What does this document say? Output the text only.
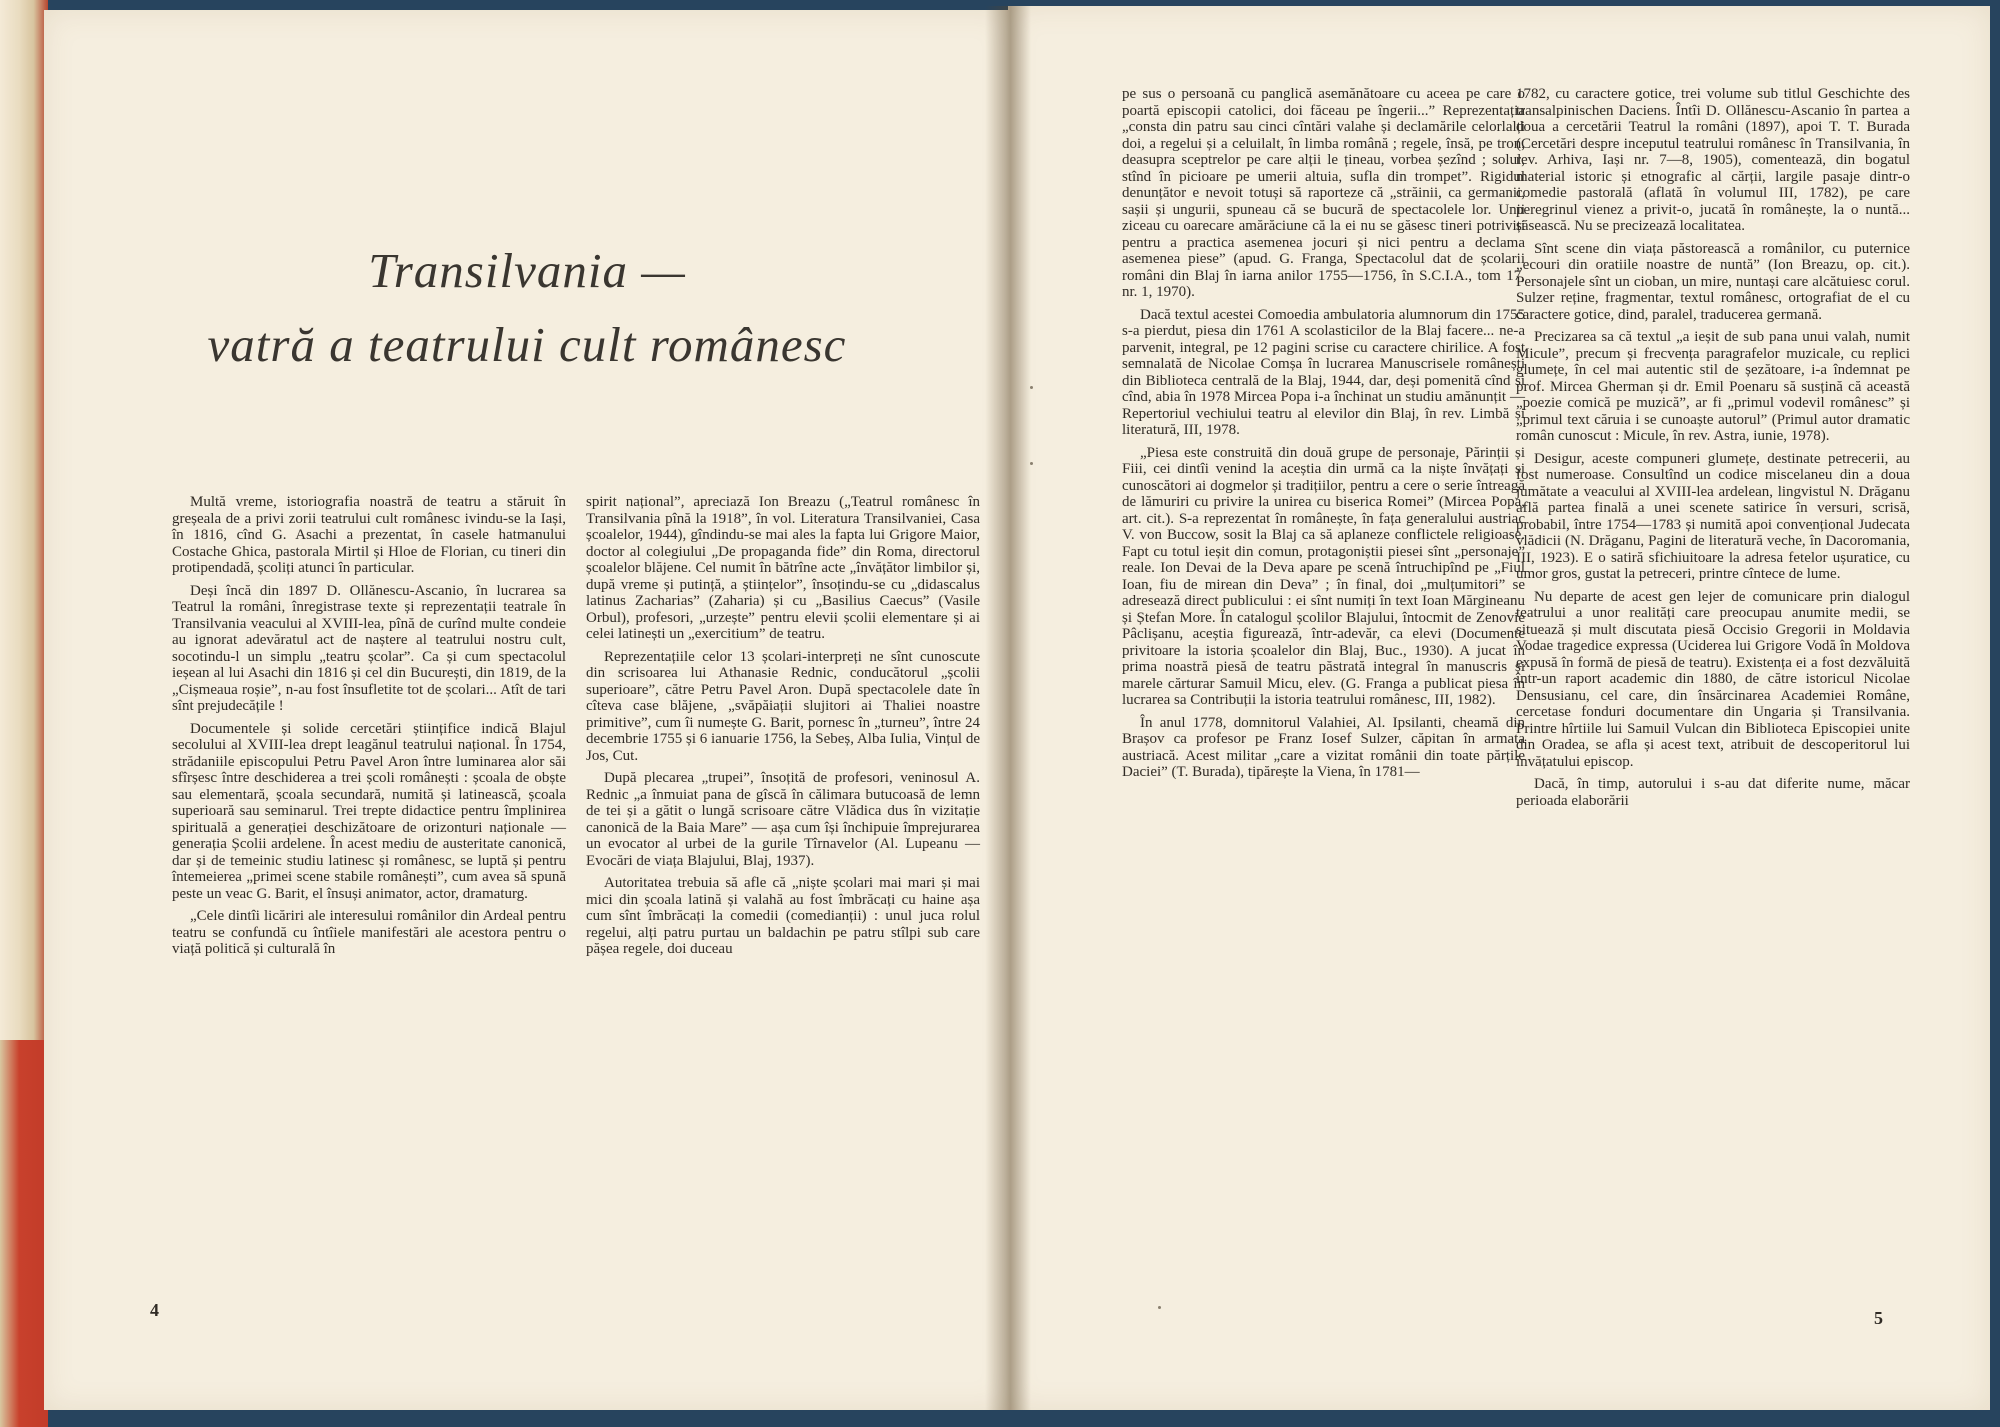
Transilvania —
vatră a teatrului cult românesc

Multă vreme, istoriografia noastră de teatru a stăruit în greșeala de a privi zorii teatrului cult românesc ivindu-se la Iași, în 1816, cînd G. Asachi a prezentat, în casele hatmanului Costache Ghica, pastorala Mirtil și Hloe de Florian, cu tineri din protipendadă, școliți atunci în particular.

Deși încă din 1897 D. Ollănescu-Ascanio, în lucrarea sa Teatrul la români, înregistrase texte și reprezentații teatrale în Transilvania veacului al XVIII-lea, pînă de curînd multe condeie au ignorat adevăratul act de naștere al teatrului nostru cult, socotindu-l un simplu „teatru școlar”. Ca și cum spectacolul ieșean al lui Asachi din 1816 și cel din București, din 1819, de la „Cișmeaua roșie”, n-au fost însufletite tot de școlari... Atît de tari sînt prejudecățile !

Documentele și solide cercetări științifice indică Blajul secolului al XVIII-lea drept leagănul teatrului național. În 1754, strădaniile episcopului Petru Pavel Aron între luminarea alor săi sfîrșesc între deschiderea a trei școli românești : școala de obște sau elementară, școala secundară, numită și latinească, școala superioară sau seminarul. Trei trepte didactice pentru împlinirea spirituală a generației deschizătoare de orizonturi naționale — generația Școlii ardelene. În acest mediu de austeritate canonică, dar și de temeinic studiu latinesc și românesc, se luptă și pentru întemeierea „primei scene stabile românești”, cum avea să spună peste un veac G. Barit, el însuși animator, actor, dramaturg.

„Cele dintîi licăriri ale interesului românilor din Ardeal pentru teatru se confundă cu întîiele manifestări ale acestora pentru o viață politică și culturală în

spirit național”, apreciază Ion Breazu („Teatrul românesc în Transilvania pînă la 1918”, în vol. Literatura Transilvaniei, Casa școalelor, 1944), gîndindu-se mai ales la fapta lui Grigore Maior, doctor al colegiului „De propaganda fide” din Roma, directorul școalelor blăjene. Cel numit în bătrîne acte „învățător limbilor și, după vreme și putință, a științelor”, însoțindu-se cu „didascalus latinus Zacharias” (Zaharia) și cu „Basilius Caecus” (Vasile Orbul), profesori, „urzește” pentru elevii școlii elementare și ai celei latinești un „exercitium” de teatru.

Reprezentațiile celor 13 școlari-interpreți ne sînt cunoscute din scrisoarea lui Athanasie Rednic, conducătorul „școlii superioare”, către Petru Pavel Aron. După spectacolele date în cîteva case blăjene, „svăpăiații slujitori ai Thaliei noastre primitive”, cum îi numește G. Barit, pornesc în „turneu”, între 24 decembrie 1755 și 6 ianuarie 1756, la Sebeș, Alba Iulia, Vințul de Jos, Cut.

După plecarea „trupei”, însoțită de profesori, veninosul A. Rednic „a înmuiat pana de gîscă în călimara butucoasă de lemn de tei și a gătit o lungă scrisoare către Vlădica dus în vizitație canonică de la Baia Mare” — așa cum își închipuie împrejurarea un evocator al urbei de la gurile Tîrnavelor (Al. Lupeanu — Evocări de viața Blajului, Blaj, 1937).

Autoritatea trebuia să afle că „niște școlari mai mari și mai mici din școala latină și valahă au fost îmbrăcați cu haine așa cum sînt îmbrăcați la comedii (comedianții) : unul juca rolul regelui, alți patru purtau un baldachin pe patru stîlpi sub care pășea regele, doi duceau

4

pe sus o persoană cu panglică asemănătoare cu aceea pe care o poartă episcopii catolici, doi făceau pe îngerii...” Reprezentația „consta din patru sau cinci cîntări valahe și declamările celorlalți doi, a regelui și a celuilalt, în limba română ; regele, însă, pe tron, deasupra sceptrelor pe care alții le țineau, vorbea șezînd ; solul, stînd în picioare pe umerii altuia, sufla din trompet”. Rigidul denunțător e nevoit totuși să raporteze că „străinii, ca germanii, sașii și ungurii, spuneau că se bucură de spectacolele lor. Unii ziceau cu oarecare amărăciune că la ei nu se găsesc tineri potriviți pentru a practica asemenea jocuri și nici pentru a declama asemenea piese” (apud. G. Franga, Spectacolul dat de școlarii români din Blaj în iarna anilor 1755—1756, în S.C.I.A., tom 17, nr. 1, 1970).

Dacă textul acestei Comoedia ambulatoria alumnorum din 1755 s-a pierdut, piesa din 1761 A scolasticilor de la Blaj facere... ne-a parvenit, integral, pe 12 pagini scrise cu caractere chirilice. A fost semnalată de Nicolae Comșa în lucrarea Manuscrisele românești din Biblioteca centrală de la Blaj, 1944, dar, deși pomenită cînd și cînd, abia în 1978 Mircea Popa i-a închinat un studiu amănunțit — Repertoriul vechiului teatru al elevilor din Blaj, în rev. Limbă și literatură, III, 1978.

„Piesa este construită din două grupe de personaje, Părinții și Fiii, cei dintîi venind la aceștia din urmă ca la niște învățați și cunoscători ai dogmelor și tradițiilor, pentru a cere o serie întreagă de lămuriri cu privire la unirea cu biserica Romei” (Mircea Popa, art. cit.). S-a reprezentat în românește, în fața generalului austriac V. von Buccow, sosit la Blaj ca să aplaneze conflictele religioase. Fapt cu totul ieșit din comun, protagoniștii piesei sînt „personaje” reale. Ion Devai de la Deva apare pe scenă întruchipînd pe „Fiul Ioan, fiu de mirean din Deva” ; în final, doi „mulțumitori” se adresează direct publicului : ei sînt numiți în text Ioan Mărgineanu și Ștefan More. În catalogul școlilor Blajului, întocmit de Zenovie Pâclișanu, aceștia figurează, într-adevăr, ca elevi (Documente privitoare la istoria școalelor din Blaj, Buc., 1930). A jucat în prima noastră piesă de teatru păstrată integral în manuscris și marele cărturar Samuil Micu, elev. (G. Franga a publicat piesa în lucrarea sa Contribuții la istoria teatrului românesc, III, 1982).

În anul 1778, domnitorul Valahiei, Al. Ipsilanti, cheamă din Brașov ca profesor pe Franz Iosef Sulzer, căpitan în armata austriacă. Acest militar „care a vizitat românii din toate părțile Daciei” (T. Burada), tipărește la Viena, în 1781—

1782, cu caractere gotice, trei volume sub titlul Geschichte des transalpinischen Daciens. Întîi D. Ollănescu-Ascanio în partea a doua a cercetării Teatrul la români (1897), apoi T. T. Burada (Cercetări despre inceputul teatrului românesc în Transilvania, în rev. Arhiva, Iași nr. 7—8, 1905), comentează, din bogatul material istoric și etnografic al cărții, largile pasaje dintr-o comedie pastorală (aflată în volumul III, 1782), pe care peregrinul vienez a privit-o, jucată în românește, la o nuntă... săsească. Nu se precizează localitatea.

Sînt scene din viața păstorească a românilor, cu puternice „ecouri din oratiile noastre de nuntă” (Ion Breazu, op. cit.). Personajele sînt un cioban, un mire, nuntași care alcătuiesc corul. Sulzer reține, fragmentar, textul românesc, ortografiat de el cu caractere gotice, dind, paralel, traducerea germană.

Precizarea sa că textul „a ieșit de sub pana unui valah, numit Micule”, precum și frecvența paragrafelor muzicale, cu replici glumețe, în cel mai autentic stil de șezătoare, i-a îndemnat pe prof. Mircea Gherman și dr. Emil Poenaru să susțină că această „poezie comică pe muzică”, ar fi „primul vodevil românesc” și „primul text căruia i se cunoaște autorul” (Primul autor dramatic român cunoscut : Micule, în rev. Astra, iunie, 1978).

Desigur, aceste compuneri glumețe, destinate petrecerii, au fost numeroase. Consultînd un codice miscelaneu din a doua jumătate a veacului al XVIII-lea ardelean, lingvistul N. Drăganu află partea finală a unei scenete satirice în versuri, scrisă, probabil, între 1754—1783 și numită apoi convențional Judecata vlădicii (N. Drăganu, Pagini de literatură veche, în Dacoromania, III, 1923). E o satiră sfichiuitoare la adresa fetelor ușuratice, cu umor gros, gustat la petreceri, printre cîntece de lume.

Nu departe de acest gen lejer de comunicare prin dialogul teatrului a unor realități care preocupau anumite medii, se situează și mult discutata piesă Occisio Gregorii in Moldavia Vodae tragedice expressa (Uciderea lui Grigore Vodă în Moldova expusă în formă de piesă de teatru). Existența ei a fost dezvăluită într-un raport academic din 1880, de către istoricul Nicolae Densusianu, cel care, din însărcinarea Academiei Române, cercetase fonduri documentare din Ungaria și Transilvania. Printre hîrtiile lui Samuil Vulcan din Biblioteca Episcopiei unite din Oradea, se afla și acest text, atribuit de descoperitorul lui învățatului episcop.

Dacă, în timp, autorului i s-au dat diferite nume, măcar perioada elaborării

5
